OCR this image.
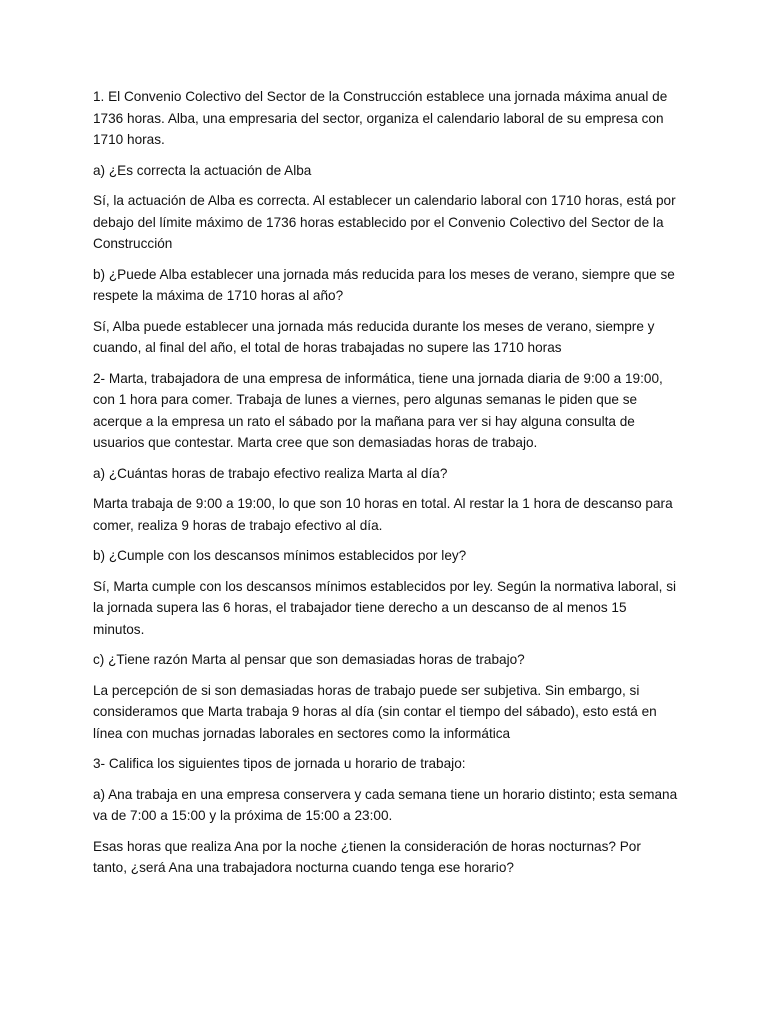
1. El Convenio Colectivo del Sector de la Construcción establece una jornada máxima anual de 1736 horas. Alba, una empresaria del sector, organiza el calendario laboral de su empresa con 1710 horas.

a) ¿Es correcta la actuación de Alba

Sí, la actuación de Alba es correcta. Al establecer un calendario laboral con 1710 horas, está por debajo del límite máximo de 1736 horas establecido por el Convenio Colectivo del Sector de la Construcción

b) ¿Puede Alba establecer una jornada más reducida para los meses de verano, siempre que se respete la máxima de 1710 horas al año?

Sí, Alba puede establecer una jornada más reducida durante los meses de verano, siempre y cuando, al final del año, el total de horas trabajadas no supere las 1710 horas

2- Marta, trabajadora de una empresa de informática, tiene una jornada diaria de 9:00 a 19:00, con 1 hora para comer. Trabaja de lunes a viernes, pero algunas semanas le piden que se acerque a la empresa un rato el sábado por la mañana para ver si hay alguna consulta de usuarios que contestar. Marta cree que son demasiadas horas de trabajo.

a) ¿Cuántas horas de trabajo efectivo realiza Marta al día?

Marta trabaja de 9:00 a 19:00, lo que son 10 horas en total. Al restar la 1 hora de descanso para comer, realiza 9 horas de trabajo efectivo al día.

b) ¿Cumple con los descansos mínimos establecidos por ley?

Sí, Marta cumple con los descansos mínimos establecidos por ley. Según la normativa laboral, si la jornada supera las 6 horas, el trabajador tiene derecho a un descanso de al menos 15 minutos.

c) ¿Tiene razón Marta al pensar que son demasiadas horas de trabajo?

La percepción de si son demasiadas horas de trabajo puede ser subjetiva. Sin embargo, si consideramos que Marta trabaja 9 horas al día (sin contar el tiempo del sábado), esto está en línea con muchas jornadas laborales en sectores como la informática

3- Califica los siguientes tipos de jornada u horario de trabajo:

a) Ana trabaja en una empresa conservera y cada semana tiene un horario distinto; esta semana va de 7:00 a 15:00 y la próxima de 15:00 a 23:00.

Esas horas que realiza Ana por la noche ¿tienen la consideración de horas nocturnas? Por tanto, ¿será Ana una trabajadora nocturna cuando tenga ese horario?
